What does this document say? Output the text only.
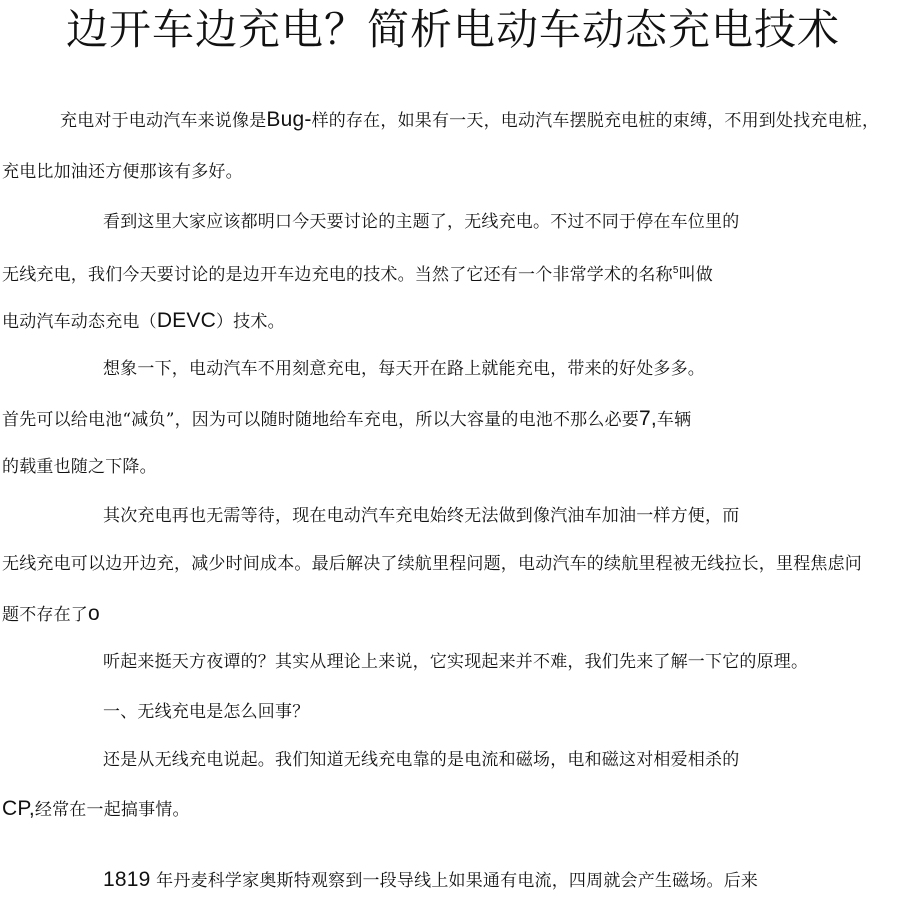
边开车边充电？简析电动车动态充电技术
充电对于电动汽车来说像是Bug-样的存在，如果有一天，电动汽车摆脱充电桩的束缚，不用到处找充电桩，
充电比加油还方便那该有多好。
看到这里大家应该都明口今天要讨论的主题了，无线充电。不过不同于停在车位里的
无线充电，我们今天要讨论的是边开车边充电的技术。当然了它还有一个非常学术的名称$^5$叫做
电动汽车动态充电（DEVC）技术。
想象一下，电动汽车不用刻意充电，每天开在路上就能充电，带来的好处多多。
首先可以给电池“减负”，因为可以随时随地给车充电，所以大容量的电池不那么必要7,车辆
的载重也随之下降。
其次充电再也无需等待，现在电动汽车充电始终无法做到像汽油车加油一样方便，而
无线充电可以边开边充，减少时间成本。最后解决了续航里程问题，电动汽车的续航里程被无线拉长，里程焦虑问
题不存在了o
听起来挺天方夜谭的？其实从理论上来说，它实现起来并不难，我们先来了解一下它的原理。
一、无线充电是怎么回事？
还是从无线充电说起。我们知道无线充电靠的是电流和磁场，电和磁这对相爱相杀的
CP,经常在一起搞事情。
1819 年丹麦科学家奥斯特观察到一段导线上如果通有电流，四周就会产生磁场。后来
